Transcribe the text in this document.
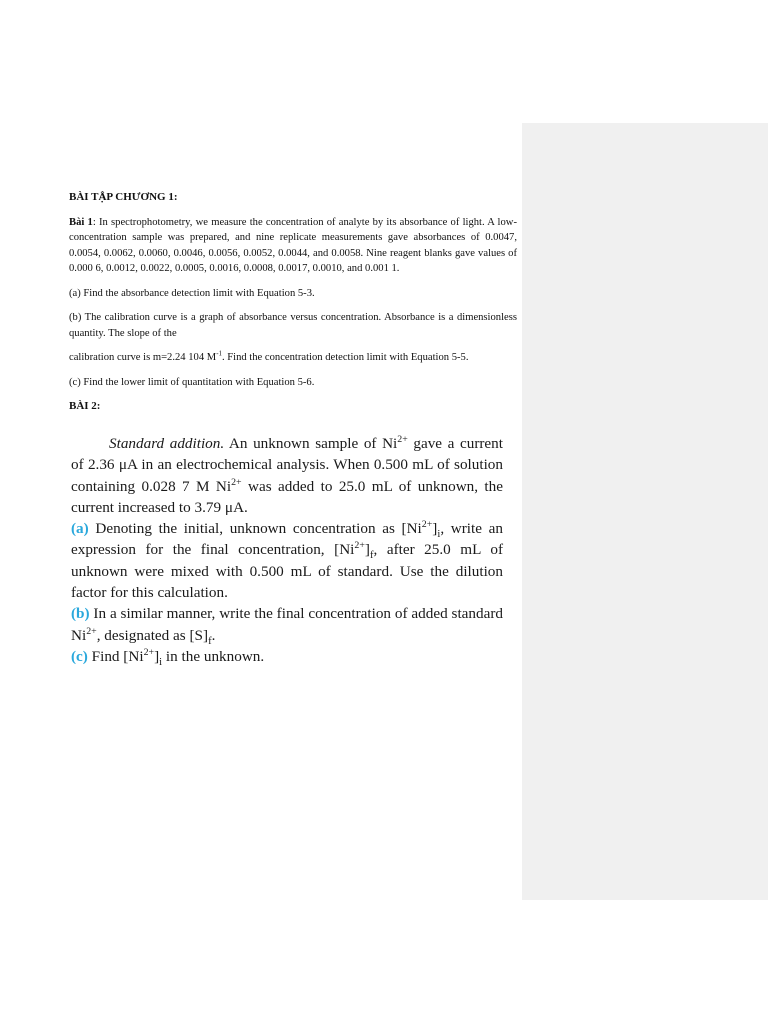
BÀI TẬP CHƯƠNG 1:

Bài 1: In spectrophotometry, we measure the concentration of analyte by its absorbance of light. A low-concentration sample was prepared, and nine replicate measurements gave absorbances of 0.0047, 0.0054, 0.0062, 0.0060, 0.0046, 0.0056, 0.0052, 0.0044, and 0.0058. Nine reagent blanks gave values of 0.000 6, 0.0012, 0.0022, 0.0005, 0.0016, 0.0008, 0.0017, 0.0010, and 0.001 1.

(a) Find the absorbance detection limit with Equation 5-3.

(b) The calibration curve is a graph of absorbance versus concentration. Absorbance is a dimensionless quantity. The slope of the

calibration curve is m=2.24 104 $M^{-1}$. Find the concentration detection limit with Equation 5-5.

(c) Find the lower limit of quantitation with Equation 5-6.

BÀI 2:

Standard addition. An unknown sample of $Ni^{2+}$ gave a current of 2.36 μA in an electrochemical analysis. When 0.500 mL of solution containing 0.028 7 M $Ni^{2+}$ was added to 25.0 mL of unknown, the current increased to 3.79 μA.

(a) Denoting the initial, unknown concentration as $[Ni^{2+}]_i$, write an expression for the final concentration, $[Ni^{2+}]_f$, after 25.0 mL of unknown were mixed with 0.500 mL of standard. Use the dilution factor for this calculation.

(b) In a similar manner, write the final concentration of added standard $Ni^{2+}$, designated as $[S]_f$.

(c) Find $[Ni^{2+}]_i$ in the unknown.
